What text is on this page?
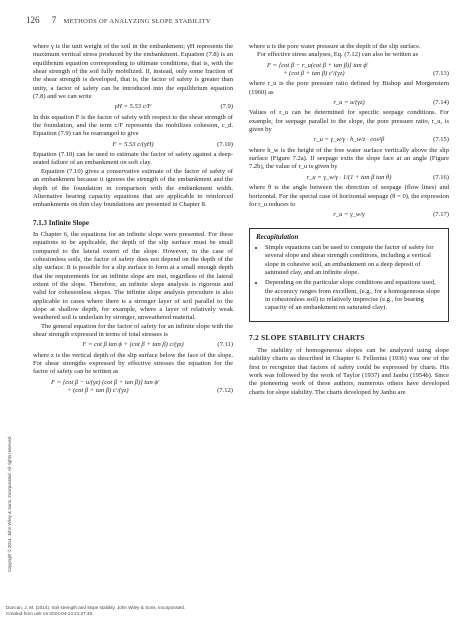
126 7 METHODS OF ANALYZING SLOPE STABILITY

where γ is the unit weight of the soil in the embankment; γH represents the maximum vertical stress produced by the embankment. Equation (7.8) is an equilibrium equation corresponding to ultimate conditions, that is, with the shear strength of the soil fully mobilized. If, instead, only some fraction of the shear strength is developed, that is, the factor of safety is greater than unity, a factor of safety can be introduced into the equilibrium equation (7.8) and we can write

γH = 5.53 c/F	(7.9)

In this equation F is the factor of safety with respect to the shear strength of the foundation, and the term c/F represents the mobilizes cohesion, c_d. Equation (7.9) can be rearranged to give

F = 5.53 c/(γH)	(7.10)

Equation (7.10) can be used to estimate the factor of safety against a deep-seated failure of an embankment on soft clay.

Equation (7.10) gives a conservative estimate of the factor of safety of an embankment because it ignores the strength of the embankment and the depth of the foundation in comparison with the embankment width. Alternative bearing capacity equations that are applicable to reinforced embankments on thin clay foundations are presented in Chapter 8.

7.1.3 Infinite Slope

In Chapter 6, the equations for an infinite slope were presented. For these equations to be applicable, the depth of the slip surface must be small compared to the lateral extent of the slope. However, in the case of cohesionless soils, the factor of safety does not depend on the depth of the slip surface. It is possible for a slip surface to form at a small enough depth that the requirements for an infinite slope are met, regardless of the lateral extent of the slope. Therefore, an infinite slope analysis is rigorous and valid for cohesionless slopes. The infinite slope analysis procedure is also applicable to cases where there is a stronger layer of soil parallel to the slope at shallow depth, for example, where a layer of relatively weak weathered soil is underlain by stronger, unweathered material.

The general equation for the factor of safety for an infinite slope with the shear strength expressed in terms of total stresses is

F = cot β tan ϕ + (cot β + tan β) c/(γz)	(7.11)

where z is the vertical depth of the slip surface below the face of the slope. For shear strengths expressed by effective stresses the equation for the factor of safety can be written as

F = [cot β − u/(γz) (cot β + tan β)] tan ϕ′
+ (cot β + tan β) c′/(γz)	(7.12)

where u is the pore water pressure at the depth of the slip surface.

For effective stress analyses, Eq. (7.12) can also be written as

F = [cot β − r_u(cot β + tan β)] tan ϕ′
+ (cot β + tan β) c′/(γz)	(7.13)

where r_u is the pore pressure ratio defined by Bishop and Morgenstern (1960) as

r_u = u/(γz)	(7.14)

Values of r_u can be determined for specific seepage conditions. For example, for seepage parallel to the slope, the pore pressure ratio, r_u, is given by

r_u = γ_w/γ · h_w/z · cos²β	(7.15)

where h_w is the height of the free water surface vertically above the slip surface (Figure 7.2a). If seepage exits the slope face at an angle (Figure 7.2b), the value of r_u is given by

r_u = γ_w/γ · 1/(1 + tan β tan θ)	(7.16)

where θ is the angle between the direction of seepage (flow lines) and horizontal. For the special case of horizontal seepage (θ = 0), the expression for r_u reduces to

r_u = γ_w/γ	(7.17)
Recapitulation
• Simple equations can be used to compute the factor of safety for several slope and shear strength conditions, including a vertical slope in cohesive soil, an embankment on a deep deposit of saturated clay, and an infinite slope.
• Depending on the particular slope conditions and equations used, the accuracy ranges from excellent, (e.g., for a homogeneous slope in cohesionless soil) to relatively imprecise (e.g., for bearing capacity of an embankment on saturated clay).
7.2 SLOPE STABILITY CHARTS

The stability of homogeneous slopes can be analyzed using slope stability charts as described in Chapter 6. Fellenius (1936) was one of the first to recognize that factors of safety could be expressed by charts. His work was followed by the work of Taylor (1937) and Janbu (1954b). Since the pioneering work of these authors, numerous others have developed charts for slope stability. The charts developed by Janbu are

Copyright © 2014. John Wiley & Sons, Incorporated. All rights reserved.
Duncan, J. M. (2014). Soil strength and slope stability. John Wiley & Sons, Incorporated.
Created from unlr on 2024-04-14 21:27:48.
